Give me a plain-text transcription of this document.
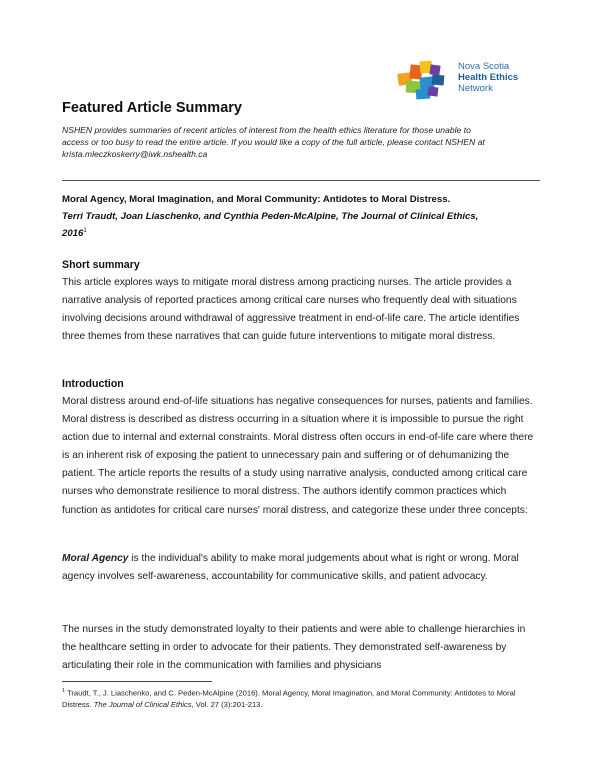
Nova Scotia
Health Ethics
Network
Featured Article Summary
NSHEN provides summaries of recent articles of interest from the health ethics literature for those unable to
access or too busy to read the entire article. If you would like a copy of the full article, please contact NSHEN at
krista.mleczkoskerry@iwk.nshealth.ca
Moral Agency, Moral Imagination, and Moral Community: Antidotes to Moral Distress.
Terri Traudt, Joan Liaschenko, and Cynthia Peden-McAlpine, The Journal of Clinical Ethics,
2016$^1$
Short summary
This article explores ways to mitigate moral distress among practicing nurses. The article provides a narrative analysis of reported practices among critical care nurses who frequently deal with situations involving decisions around withdrawal of aggressive treatment in end-of-life care. The article identifies three themes from these narratives that can guide future interventions to mitigate moral distress.
Introduction
Moral distress around end-of-life situations has negative consequences for nurses, patients and families. Moral distress is described as distress occurring in a situation where it is impossible to pursue the right action due to internal and external constraints. Moral distress often occurs in end-of-life care where there is an inherent risk of exposing the patient to unnecessary pain and suffering or of dehumanizing the patient. The article reports the results of a study using narrative analysis, conducted among critical care nurses who demonstrate resilience to moral distress. The authors identify common practices which function as antidotes for critical care nurses' moral distress, and categorize these under three concepts:
Moral Agency is the individual's ability to make moral judgements about what is right or wrong. Moral agency involves self-awareness, accountability for communicative skills, and patient advocacy.
The nurses in the study demonstrated loyalty to their patients and were able to challenge hierarchies in the healthcare setting in order to advocate for their patients. They demonstrated self-awareness by articulating their role in the communication with families and physicians
$^1$ Traudt, T., J. Liaschenko, and C. Peden-McAlpine (2016). Moral Agency, Moral Imagination, and Moral Community: Antidotes to Moral Distress. The Journal of Clinical Ethics, Vol. 27 (3):201-213.
